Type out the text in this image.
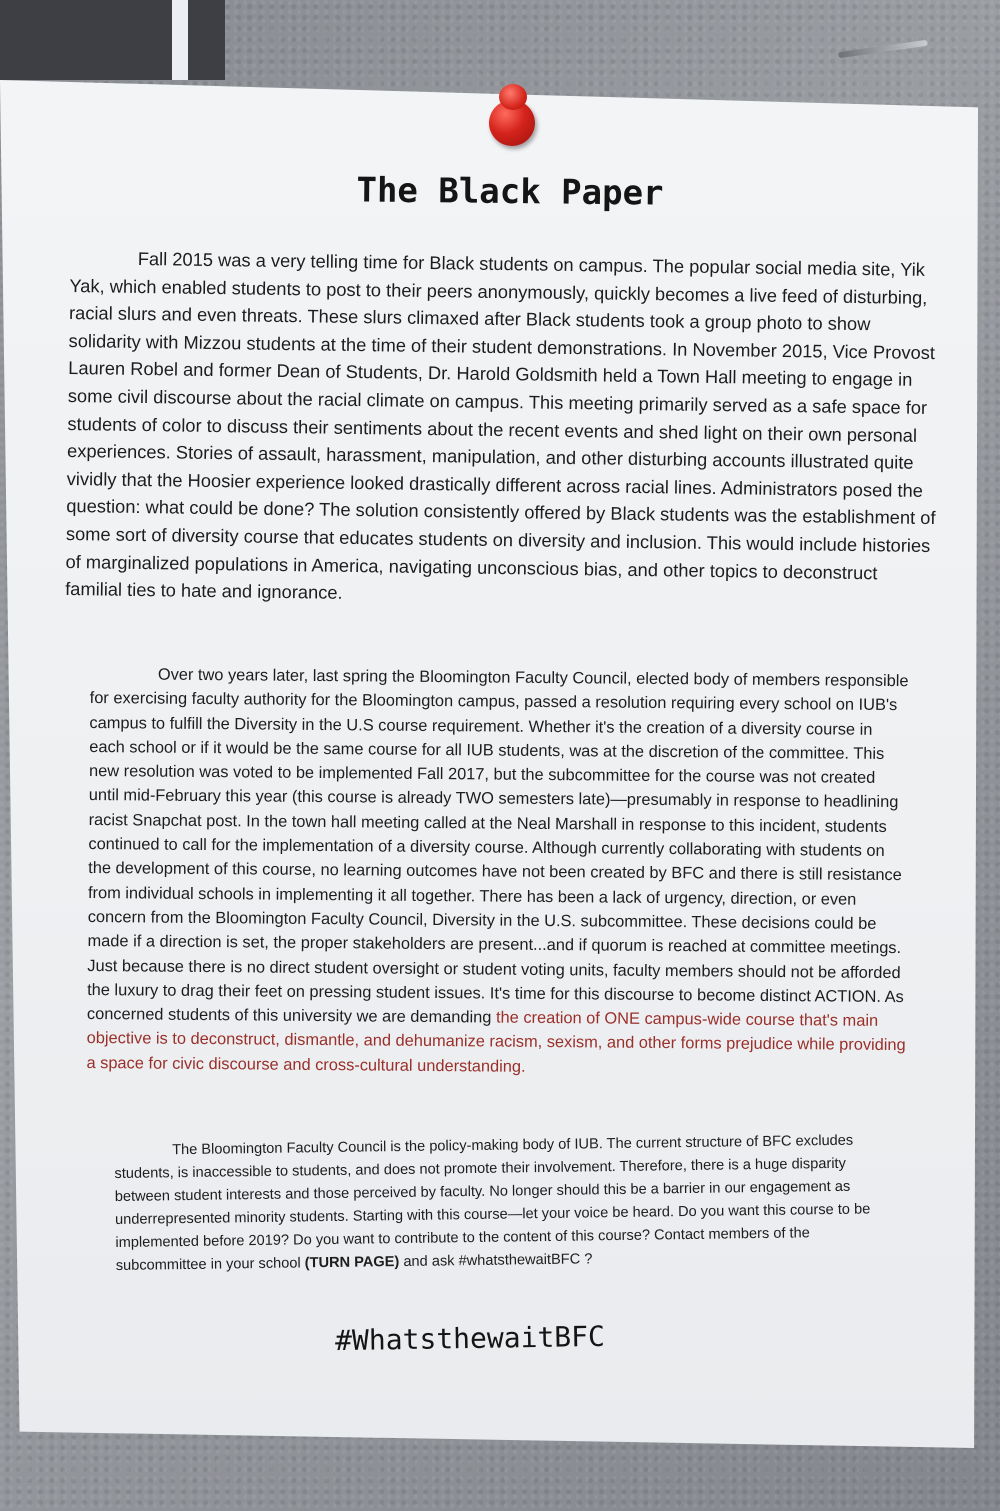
The Black Paper

Fall 2015 was a very telling time for Black students on campus. The popular social media site, Yik Yak, which enabled students to post to their peers anonymously, quickly becomes a live feed of disturbing, racial slurs and even threats. These slurs climaxed after Black students took a group photo to show solidarity with Mizzou students at the time of their student demonstrations. In November 2015, Vice Provost Lauren Robel and former Dean of Students, Dr. Harold Goldsmith held a Town Hall meeting to engage in some civil discourse about the racial climate on campus. This meeting primarily served as a safe space for students of color to discuss their sentiments about the recent events and shed light on their own personal experiences. Stories of assault, harassment, manipulation, and other disturbing accounts illustrated quite vividly that the Hoosier experience looked drastically different across racial lines. Administrators posed the question: what could be done? The solution consistently offered by Black students was the establishment of some sort of diversity course that educates students on diversity and inclusion. This would include histories of marginalized populations in America, navigating unconscious bias, and other topics to deconstruct familial ties to hate and ignorance.

Over two years later, last spring the Bloomington Faculty Council, elected body of members responsible for exercising faculty authority for the Bloomington campus, passed a resolution requiring every school on IUB's campus to fulfill the Diversity in the U.S course requirement. Whether it's the creation of a diversity course in each school or if it would be the same course for all IUB students, was at the discretion of the committee. This new resolution was voted to be implemented Fall 2017, but the subcommittee for the course was not created until mid-February this year (this course is already TWO semesters late)—presumably in response to headlining racist Snapchat post. In the town hall meeting called at the Neal Marshall in response to this incident, students continued to call for the implementation of a diversity course. Although currently collaborating with students on the development of this course, no learning outcomes have not been created by BFC and there is still resistance from individual schools in implementing it all together. There has been a lack of urgency, direction, or even concern from the Bloomington Faculty Council, Diversity in the U.S. subcommittee. These decisions could be made if a direction is set, the proper stakeholders are present...and if quorum is reached at committee meetings. Just because there is no direct student oversight or student voting units, faculty members should not be afforded the luxury to drag their feet on pressing student issues. It's time for this discourse to become distinct ACTION. As concerned students of this university we are demanding the creation of ONE campus-wide course that's main objective is to deconstruct, dismantle, and dehumanize racism, sexism, and other forms prejudice while providing a space for civic discourse and cross-cultural understanding.

The Bloomington Faculty Council is the policy-making body of IUB. The current structure of BFC excludes students, is inaccessible to students, and does not promote their involvement. Therefore, there is a huge disparity between student interests and those perceived by faculty. No longer should this be a barrier in our engagement as underrepresented minority students. Starting with this course—let your voice be heard. Do you want this course to be implemented before 2019? Do you want to contribute to the content of this course? Contact members of the subcommittee in your school (TURN PAGE) and ask #whatsthewaitBFC ?

#WhatsthewaitBFC
